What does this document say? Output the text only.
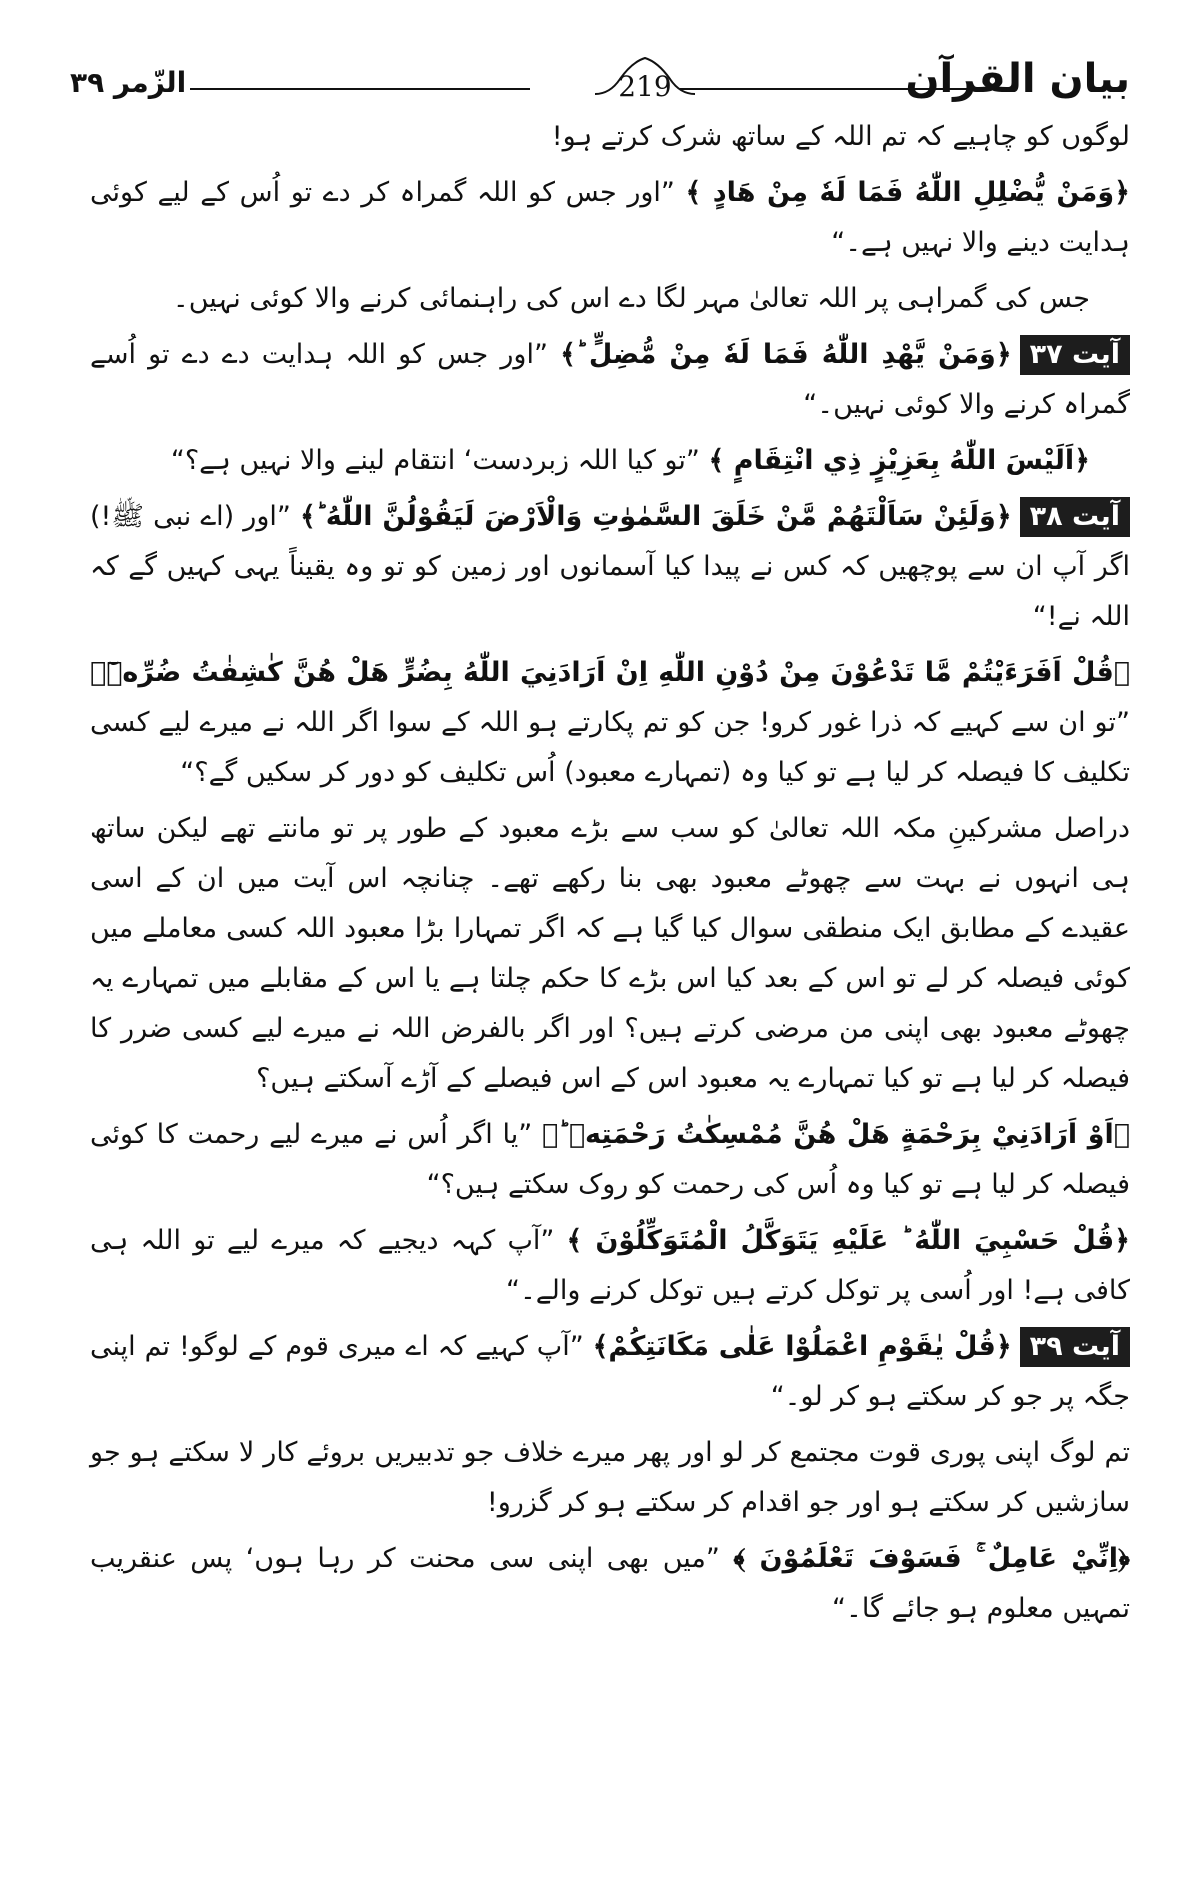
بیان القرآن
219
الزّمر ۳۹

لوگوں کو چاہیے کہ تم اللہ کے ساتھ شرک کرتے ہو!

﴿وَمَنْ يُّضْلِلِ اللّٰهُ فَمَا لَهٗ مِنْ هَادٍ ﴾ ”اور جس کو اللہ گمراہ کر دے تو اُس کے لیے کوئی ہدایت دینے والا نہیں ہے۔“

جس کی گمراہی پر اللہ تعالیٰ مہر لگا دے اس کی راہنمائی کرنے والا کوئی نہیں۔

آیت ۳۷﴿وَمَنْ يَّهْدِ اللّٰهُ فَمَا لَهٗ مِنْ مُّضِلٍّ ؕ﴾ ”اور جس کو اللہ ہدایت دے دے تو اُسے گمراہ کرنے والا کوئی نہیں۔“

﴿اَلَيْسَ اللّٰهُ بِعَزِيْزٍ ذِي انْتِقَامٍ ﴾ ”تو کیا اللہ زبردست‘ انتقام لینے والا نہیں ہے؟“

آیت ۳۸﴿وَلَئِنْ سَاَلْتَهُمْ مَّنْ خَلَقَ السَّمٰوٰتِ وَالْاَرْضَ لَيَقُوْلُنَّ اللّٰهُ ؕ﴾ ”اور (اے نبی ﷺ!) اگر آپ ان سے پوچھیں کہ کس نے پیدا کیا آسمانوں اور زمین کو تو وہ یقیناً یہی کہیں گے کہ اللہ نے!“

﴿قُلْ اَفَرَءَيْتُمْ مَّا تَدْعُوْنَ مِنْ دُوْنِ اللّٰهِ اِنْ اَرَادَنِيَ اللّٰهُ بِضُرٍّ هَلْ هُنَّ كٰشِفٰتُ ضُرِّهٖٓ﴾ ”تو ان سے کہیے کہ ذرا غور کرو! جن کو تم پکارتے ہو اللہ کے سوا اگر اللہ نے میرے لیے کسی تکلیف کا فیصلہ کر لیا ہے تو کیا وہ (تمہارے معبود) اُس تکلیف کو دور کر سکیں گے؟“

دراصل مشرکینِ مکہ اللہ تعالیٰ کو سب سے بڑے معبود کے طور پر تو مانتے تھے لیکن ساتھ ہی انہوں نے بہت سے چھوٹے معبود بھی بنا رکھے تھے۔ چنانچہ اس آیت میں ان کے اسی عقیدے کے مطابق ایک منطقی سوال کیا گیا ہے کہ اگر تمہارا بڑا معبود اللہ کسی معاملے میں کوئی فیصلہ کر لے تو اس کے بعد کیا اس بڑے کا حکم چلتا ہے یا اس کے مقابلے میں تمہارے یہ چھوٹے معبود بھی اپنی من مرضی کرتے ہیں؟ اور اگر بالفرض اللہ نے میرے لیے کسی ضرر کا فیصلہ کر لیا ہے تو کیا تمہارے یہ معبود اس کے اس فیصلے کے آڑے آسکتے ہیں؟

﴿اَوْ اَرَادَنِيْ بِرَحْمَةٍ هَلْ هُنَّ مُمْسِكٰتُ رَحْمَتِهٖ ؕ﴾ ”یا اگر اُس نے میرے لیے رحمت کا کوئی فیصلہ کر لیا ہے تو کیا وہ اُس کی رحمت کو روک سکتے ہیں؟“

﴿قُلْ حَسْبِيَ اللّٰهُ ؕ عَلَيْهِ يَتَوَكَّلُ الْمُتَوَكِّلُوْنَ ﴾ ”آپ کہہ دیجیے کہ میرے لیے تو اللہ ہی کافی ہے! اور اُسی پر توکل کرتے ہیں توکل کرنے والے۔“

آیت ۳۹﴿قُلْ يٰقَوْمِ اعْمَلُوْا عَلٰى مَكَانَتِكُمْ﴾ ”آپ کہیے کہ اے میری قوم کے لوگو! تم اپنی جگہ پر جو کر سکتے ہو کر لو۔“

تم لوگ اپنی پوری قوت مجتمع کر لو اور پھر میرے خلاف جو تدبیریں بروئے کار لا سکتے ہو جو سازشیں کر سکتے ہو اور جو اقدام کر سکتے ہو کر گزرو!

﴿اِنِّيْ عَامِلٌ ۚ فَسَوْفَ تَعْلَمُوْنَ ﴾ ”میں بھی اپنی سی محنت کر رہا ہوں‘ پس عنقریب تمہیں معلوم ہو جائے گا۔“
